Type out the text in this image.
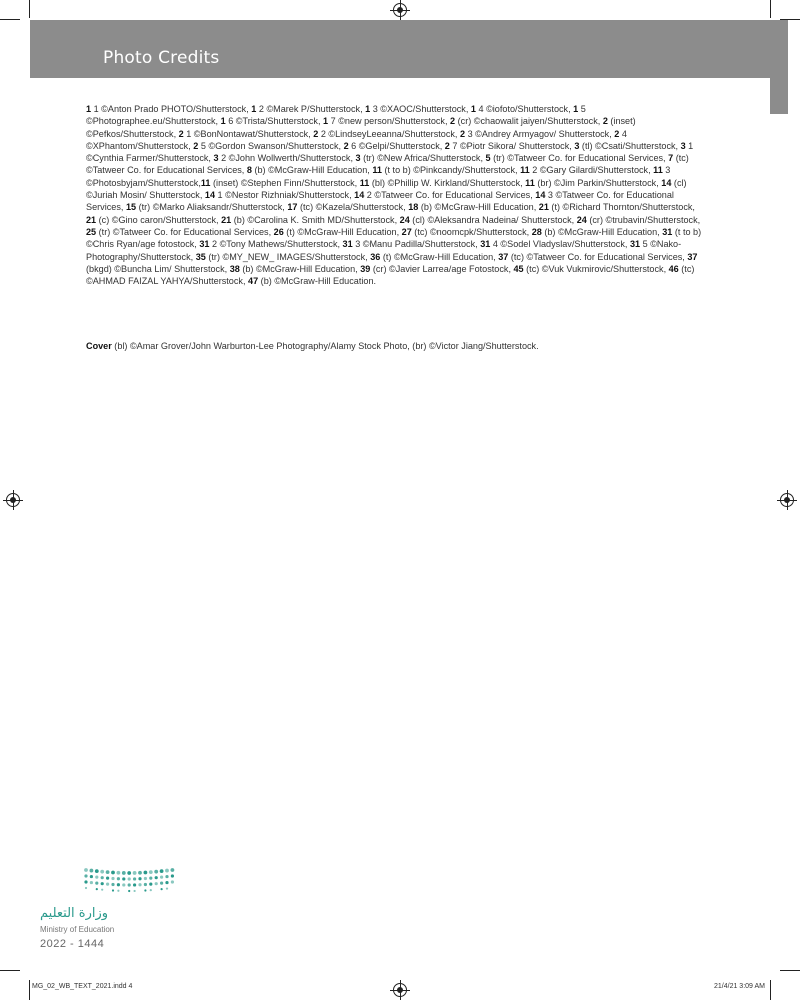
Photo Credits
1 1 ©Anton Prado PHOTO/Shutterstock, 1 2 ©Marek P/Shutterstock, 1 3 ©XAOC/Shutterstock, 1 4 ©iofoto/Shutterstock, 1 5 ©Photographee.eu/Shutterstock, 1 6 ©Trista/Shutterstock, 1 7 ©new person/Shutterstock, 2 (cr) ©chaowalit jaiyen/Shutterstock, 2 (inset) ©Pefkos/Shutterstock, 2 1 ©BonNontawat/Shutterstock, 2 2 ©LindseyLeeanna/Shutterstock, 2 3 ©Andrey Armyagov/ Shutterstock, 2 4 ©XPhantom/Shutterstock, 2 5 ©Gordon Swanson/Shutterstock, 2 6 ©Gelpi/Shutterstock, 2 7 ©Piotr Sikora/ Shutterstock, 3 (tl) ©Csati/Shutterstock, 3 1 ©Cynthia Farmer/Shutterstock, 3 2 ©John Wollwerth/Shutterstock, 3 (tr) ©New Africa/Shutterstock, 5 (tr) ©Tatweer Co. for Educational Services, 7 (tc) ©Tatweer Co. for Educational Services, 8 (b) ©McGraw-Hill Education, 11 (t to b) ©Pinkcandy/Shutterstock, 11 2 ©Gary Gilardi/Shutterstock, 11 3 ©Photosbyjam/Shutterstock,11 (inset) ©Stephen Finn/Shutterstock, 11 (bl) ©Phillip W. Kirkland/Shutterstock, 11 (br) ©Jim Parkin/Shutterstock, 14 (cl) ©Juriah Mosin/ Shutterstock, 14 1 ©Nestor Rizhniak/Shutterstock, 14 2 ©Tatweer Co. for Educational Services, 14 3 ©Tatweer Co. for Educational Services, 15 (tr) ©Marko Aliaksandr/Shutterstock, 17 (tc) ©Kazela/Shutterstock, 18 (b) ©McGraw-Hill Education, 21 (t) ©Richard Thornton/Shutterstock, 21 (c) ©Gino caron/Shutterstock, 21 (b) ©Carolina K. Smith MD/Shutterstock, 24 (cl) ©Aleksandra Nadeina/ Shutterstock, 24 (cr) ©trubavin/Shutterstock, 25 (tr) ©Tatweer Co. for Educational Services, 26 (t) ©McGraw-Hill Education, 27 (tc) ©noomcpk/Shutterstock, 28 (b) ©McGraw-Hill Education, 31 (t to b) ©Chris Ryan/age fotostock, 31 2 ©Tony Mathews/Shutterstock, 31 3 ©Manu Padilla/Shutterstock, 31 4 ©Sodel Vladyslav/Shutterstock, 31 5 ©Nako-Photography/Shutterstock, 35 (tr) ©MY_NEW_ IMAGES/Shutterstock, 36 (t) ©McGraw-Hill Education, 37 (tc) ©Tatweer Co. for Educational Services, 37 (bkgd) ©Buncha Lim/ Shutterstock, 38 (b) ©McGraw-Hill Education, 39 (cr) ©Javier Larrea/age Fotostock, 45 (tc) ©Vuk Vukmirovic/Shutterstock, 46 (tc) ©AHMAD FAIZAL YAHYA/Shutterstock, 47 (b) ©McGraw-Hill Education.
Cover (bl) ©Amar Grover/John Warburton-Lee Photography/Alamy Stock Photo, (br) ©Victor Jiang/Shutterstock.
وزارة التعليم
Ministry of Education
2022 - 1444
MG_02_WB_TEXT_2021.indd 4	21/4/21 3:09 AM
